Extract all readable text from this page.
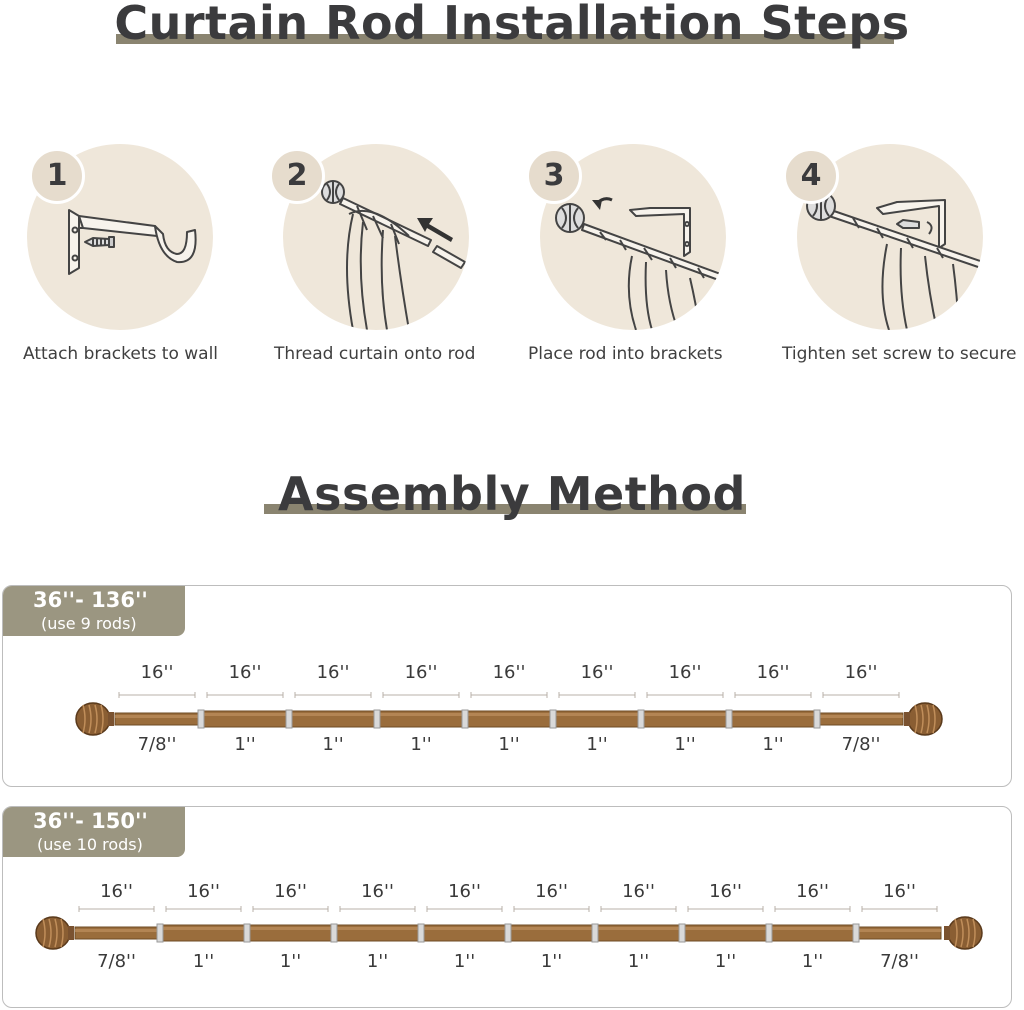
Curtain Rod Installation Steps
1
Attach brackets to wall
2
Thread curtain onto rod
3
Place rod into brackets
4
Tighten set screw to secure
Assembly Method
36''- 136''
(use 9 rods)
16''
7/8''
16''
1''
16''
1''
16''
1''
16''
1''
16''
1''
16''
1''
16''
1''
16''
7/8''
36''- 150''
(use 10 rods)
16''
7/8''
16''
1''
16''
1''
16''
1''
16''
1''
16''
1''
16''
1''
16''
1''
16''
1''
16''
7/8''
